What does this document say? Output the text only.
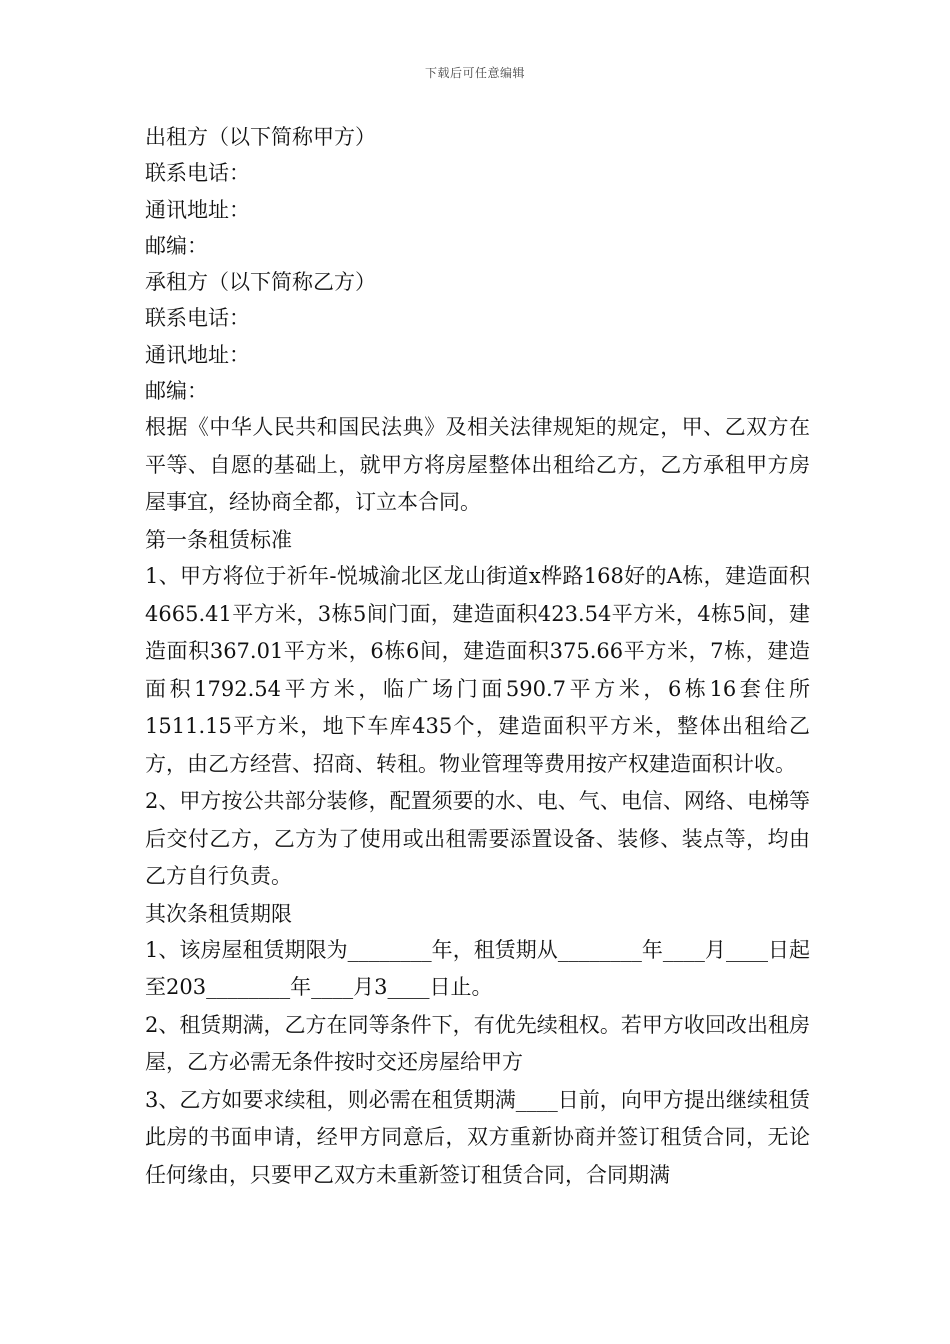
下载后可任意编辑

出租方（以下简称甲方）

联系电话：

通讯地址：

邮编：

承租方（以下简称乙方）

联系电话：

通讯地址：

邮编：

根据《中华人民共和国民法典》及相关法律规矩的规定，甲、乙双方在平等、自愿的基础上，就甲方将房屋整体出租给乙方，乙方承租甲方房屋事宜，经协商全都，订立本合同。

第一条租赁标准

1、甲方将位于祈年-悦城渝北区龙山街道x桦路168好的A栋，建造面积4665.41平方米，3栋5间门面，建造面积423.54平方米，4栋5间，建造面积367.01平方米，6栋6间，建造面积375.66平方米，7栋，建造面积1792.54平方米，临广场门面590.7平方米，6栋16套住所1511.15平方米，地下车库435个，建造面积平方米，整体出租给乙方，由乙方经营、招商、转租。物业管理等费用按产权建造面积计收。

2、甲方按公共部分装修，配置须要的水、电、气、电信、网络、电梯等后交付乙方，乙方为了使用或出租需要添置设备、装修、装点等，均由乙方自行负责。

其次条租赁期限

1、该房屋租赁期限为________年，租赁期从________年____月____日起至203________年____月3____日止。

2、租赁期满，乙方在同等条件下，有优先续租权。若甲方收回改出租房屋，乙方必需无条件按时交还房屋给甲方

3、乙方如要求续租，则必需在租赁期满____日前，向甲方提出继续租赁此房的书面申请，经甲方同意后，双方重新协商并签订租赁合同，无论任何缘由，只要甲乙双方未重新签订租赁合同，合同期满
